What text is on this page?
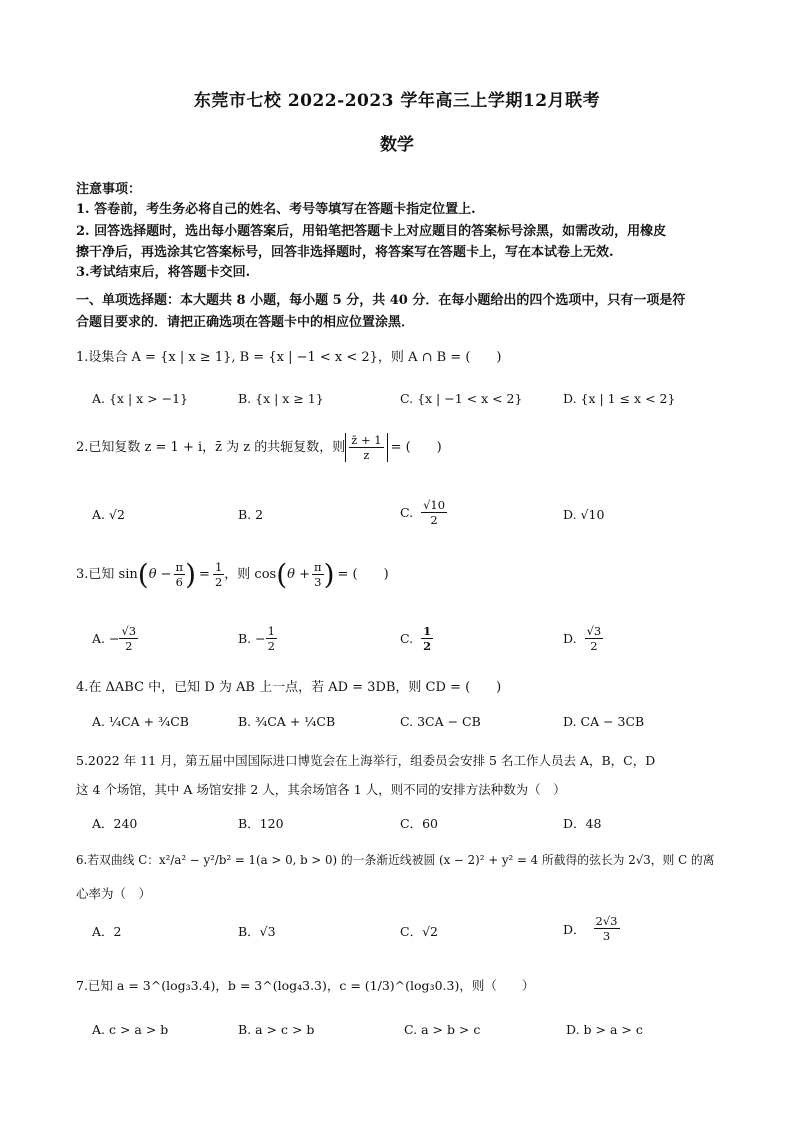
东莞市七校 2022-2023 学年高三上学期12月联考
数学
注意事项：
1. 答卷前，考生务必将自己的姓名、考号等填写在答题卡指定位置上.
2. 回答选择题时，选出每小题答案后，用铅笔把答题卡上对应题目的答案标号涂黑，如需改动，用橡皮
擦干净后，再选涂其它答案标号，回答非选择题时，将答案写在答题卡上，写在本试卷上无效.
3.考试结束后，将答题卡交回.
一、单项选择题：本大题共 8 小题，每小题 5 分，共 40 分．在每小题给出的四个选项中，只有一项是符
合题目要求的．请把正确选项在答题卡中的相应位置涂黑．
1.设集合 A = {x | x ≥ 1}, B = {x | −1 < x < 2}，则 A ∩ B = (　　)
A. {x | x > −1}	B. {x | x ≥ 1}	C. {x | −1 < x < 2}	D. {x | 1 ≤ x < 2}
2.已知复数 z = 1 + i，z̄ 为 z 的共轭复数，则 $\frac{z̄ + 1}{z}$ = (　　)
A. √2	B. 2	C. $\frac{√10}{2}$	D. √10
3.已知 sin ( $\theta - \frac{\pi}{6}$ ) = $\frac{1}{2}$ ，则 cos ( $\theta + \frac{\pi}{3}$ ) = (　　)
A. − $\frac{√3}{2}$	B. − $\frac{1}{2}$	C. $\frac{1}{2}$	D. $\frac{√3}{2}$
4.在 ΔABC 中，已知 D 为 AB 上一点，若 AD = 3DB，则 CD = (　　)
A. ¼CA + ¾CB	B. ¾CA + ¼CB	C. 3CA − CB	D. CA − 3CB
5.2022 年 11 月，第五届中国国际进口博览会在上海举行，组委员会安排 5 名工作人员去 A，B，C，D
这 4 个场馆，其中 A 场馆安排 2 人，其余场馆各 1 人，则不同的安排方法种数为（　）
A．240	B．120	C．60	D．48
6.若双曲线 C：x²/a² − y²/b² = 1(a > 0, b > 0) 的一条渐近线被圆 (x − 2)² + y² = 4 所截得的弦长为 2√3，则 C 的离
心率为（　）
A．2	B．√3	C．√2	D． $\frac{2√3}{3}$
7.已知 a = 3^(log₃3.4)，b = 3^(log₄3.3)，c = (1/3)^(log₃0.3)，则（　　）
A. c > a > b	B. a > c > b	C. a > b > c	D. b > a > c
